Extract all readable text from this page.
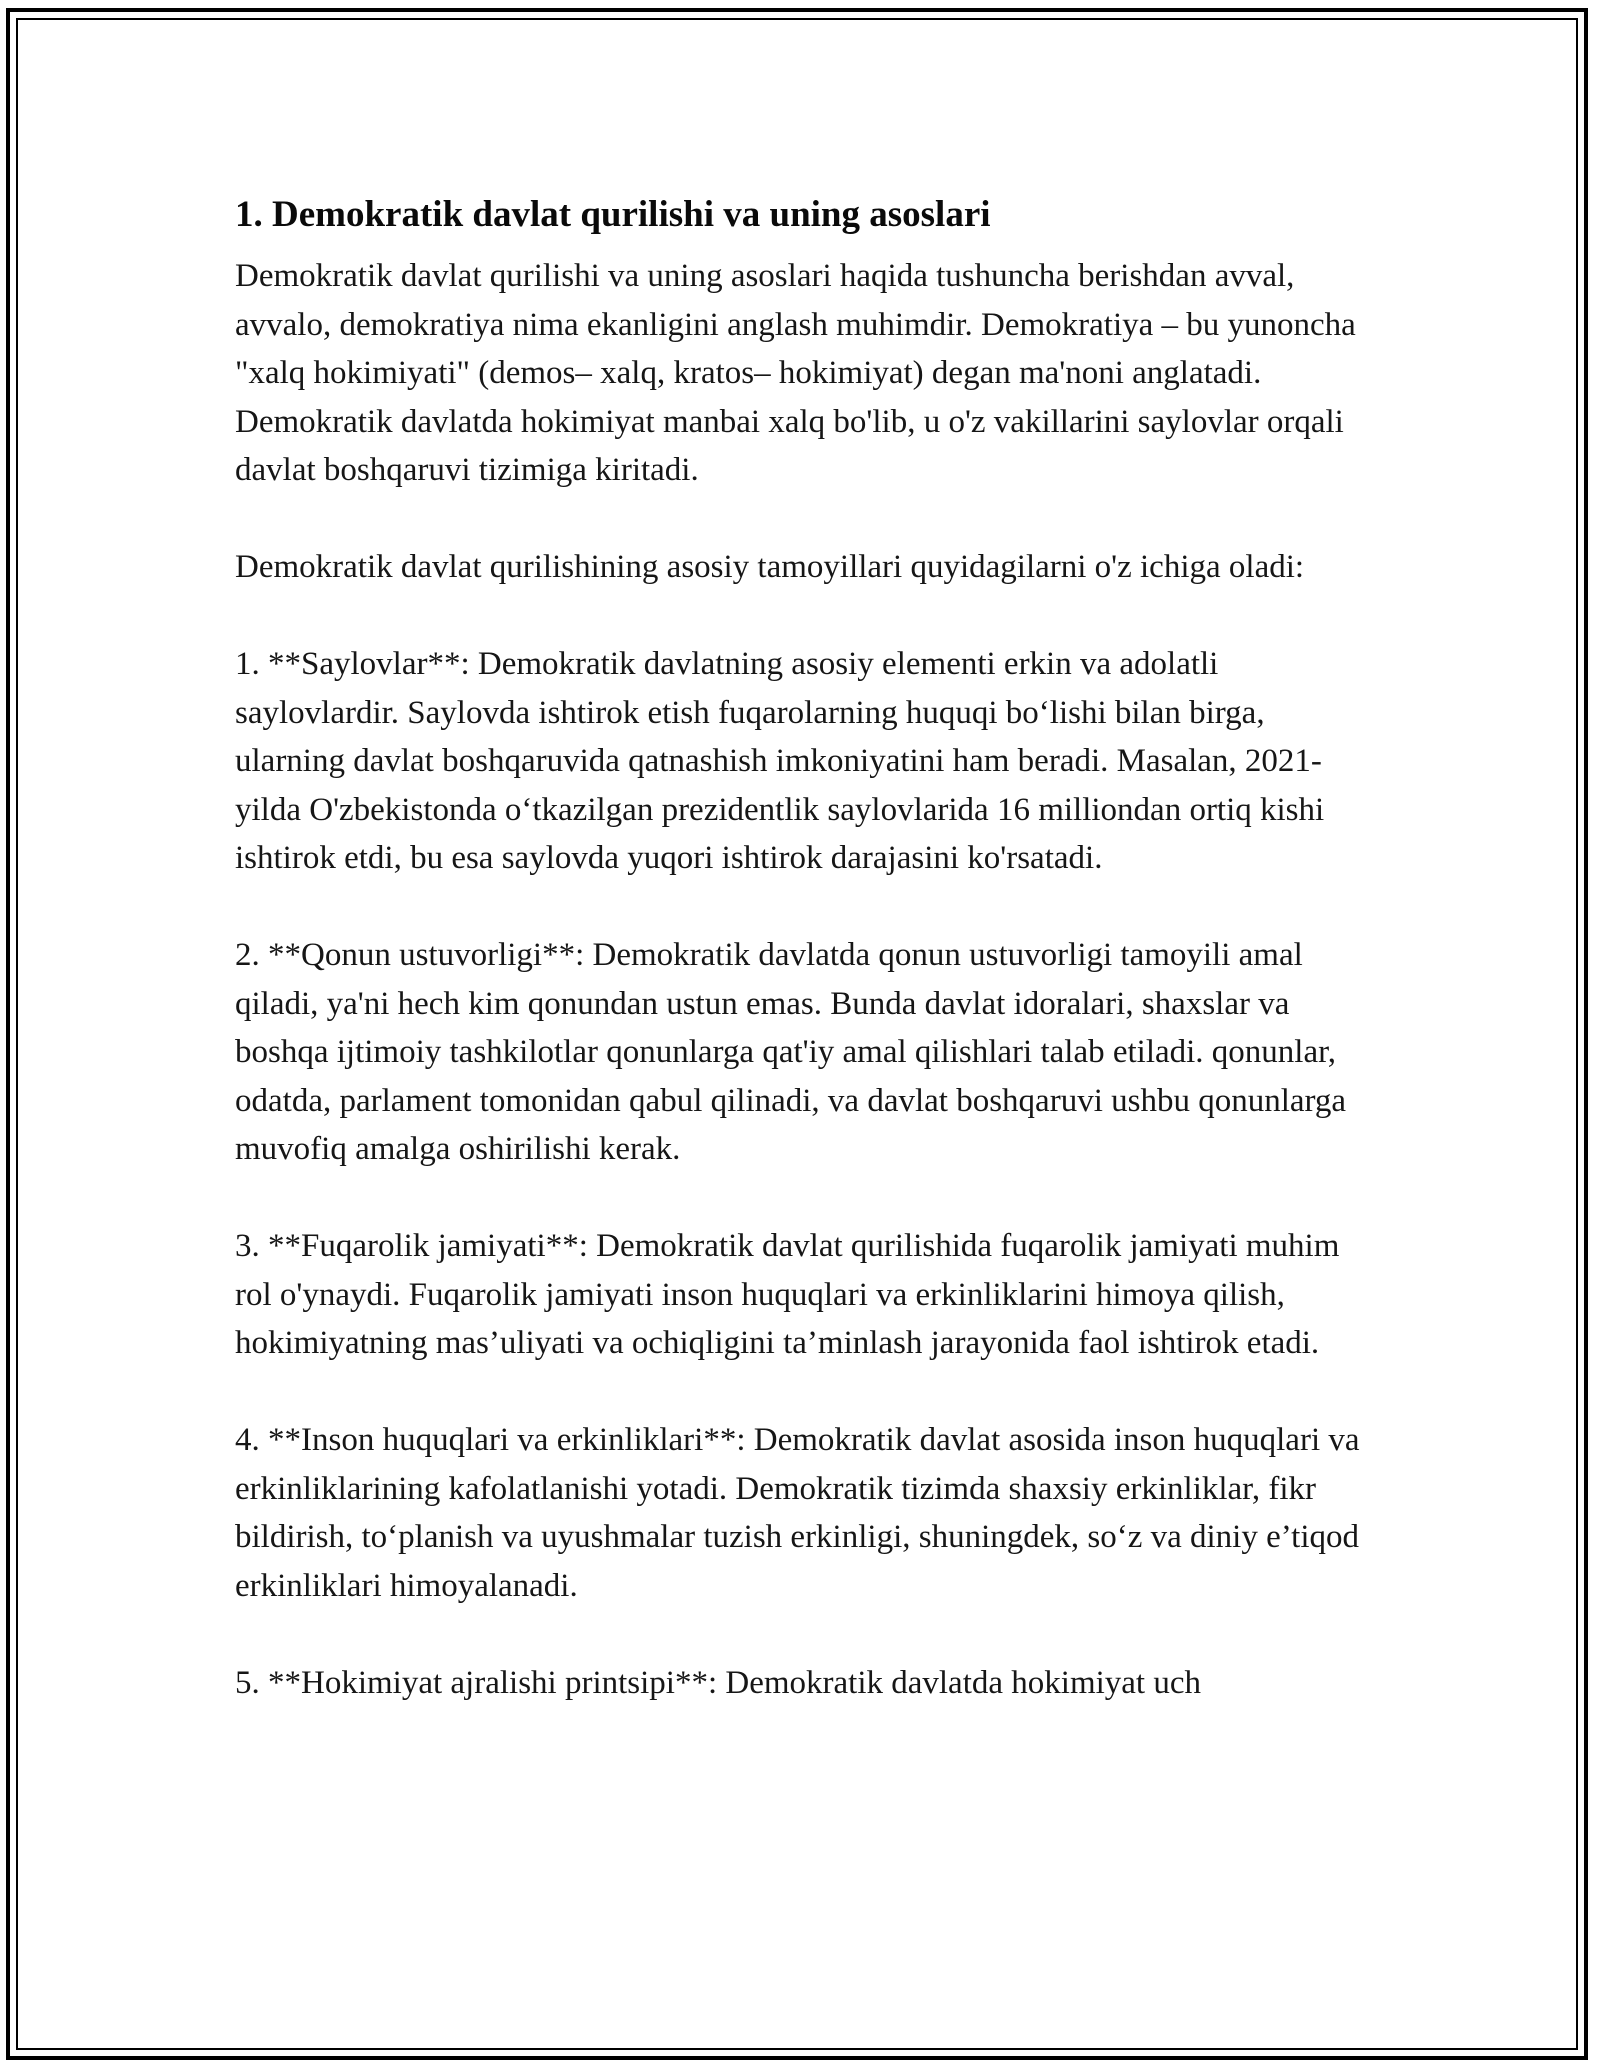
1. Demokratik davlat qurilishi va uning asoslari

Demokratik davlat qurilishi va uning asoslari haqida tushuncha berishdan avval, avvalo, demokratiya nima ekanligini anglash muhimdir. Demokratiya – bu yunoncha "xalq hokimiyati" (demos– xalq, kratos– hokimiyat) degan ma'noni anglatadi. Demokratik davlatda hokimiyat manbai xalq bo'lib, u o'z vakillarini saylovlar orqali davlat boshqaruvi tizimiga kiritadi.

Demokratik davlat qurilishining asosiy tamoyillari quyidagilarni o'z ichiga oladi:

1. **Saylovlar**: Demokratik davlatning asosiy elementi erkin va adolatli saylovlardir. Saylovda ishtirok etish fuqarolarning huquqi boʻlishi bilan birga, ularning davlat boshqaruvida qatnashish imkoniyatini ham beradi. Masalan, 2021-yilda O'zbekistonda oʻtkazilgan prezidentlik saylovlarida 16 milliondan ortiq kishi ishtirok etdi, bu esa saylovda yuqori ishtirok darajasini ko'rsatadi.

2. **Qonun ustuvorligi**: Demokratik davlatda qonun ustuvorligi tamoyili amal qiladi, ya'ni hech kim qonundan ustun emas. Bunda davlat idoralari, shaxslar va boshqa ijtimoiy tashkilotlar qonunlarga qat'iy amal qilishlari talab etiladi. qonunlar, odatda, parlament tomonidan qabul qilinadi, va davlat boshqaruvi ushbu qonunlarga muvofiq amalga oshirilishi kerak.

3. **Fuqarolik jamiyati**: Demokratik davlat qurilishida fuqarolik jamiyati muhim rol o'ynaydi. Fuqarolik jamiyati inson huquqlari va erkinliklarini himoya qilish, hokimiyatning mas’uliyati va ochiqligini ta’minlash jarayonida faol ishtirok etadi.

4. **Inson huquqlari va erkinliklari**: Demokratik davlat asosida inson huquqlari va erkinliklarining kafolatlanishi yotadi. Demokratik tizimda shaxsiy erkinliklar, fikr bildirish, toʻplanish va uyushmalar tuzish erkinligi, shuningdek, soʻz va diniy e’tiqod erkinliklari himoyalanadi.

5. **Hokimiyat ajralishi printsipi**: Demokratik davlatda hokimiyat uch
